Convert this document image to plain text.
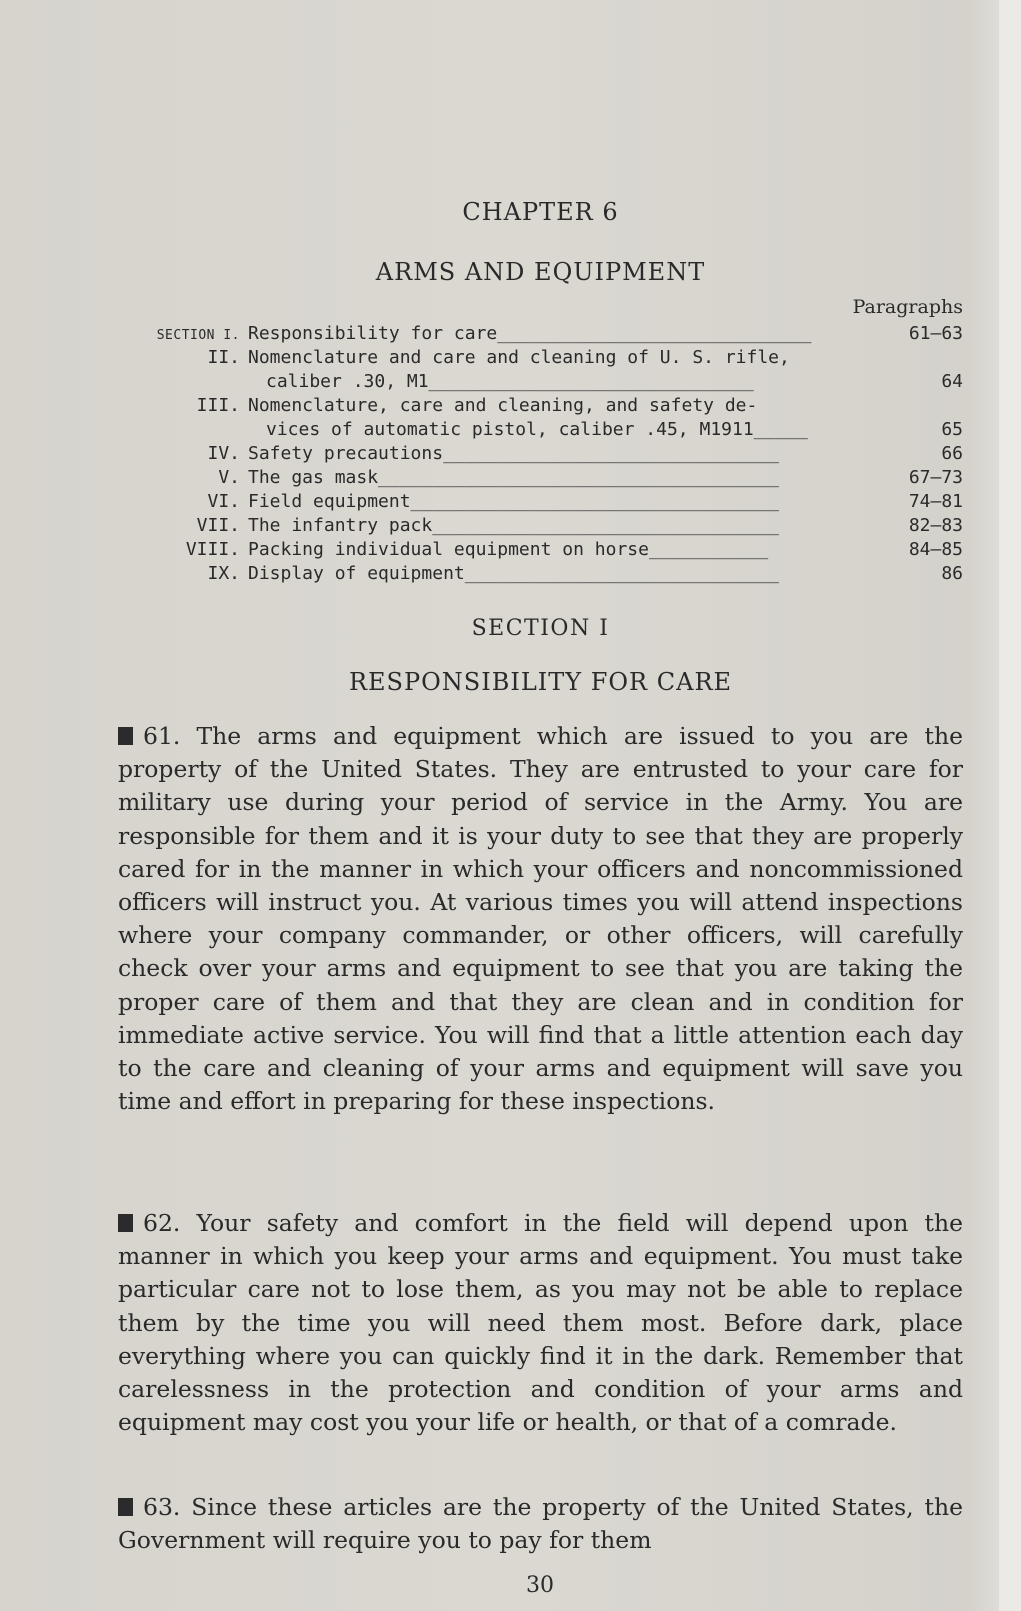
CHAPTER 6
ARMS AND EQUIPMENT
Paragraphs
SECTION I. Responsibility for care_____________________________	61–63
II. Nomenclature and care and cleaning of U. S. rifle,
caliber .30, M1______________________________	64
III. Nomenclature, care and cleaning, and safety de-
vices of automatic pistol, caliber .45, M1911_____	65
IV. Safety precautions_______________________________	66
V. The gas mask_____________________________________	67–73
VI. Field equipment__________________________________	74–81
VII. The infantry pack________________________________	82–83
VIII. Packing individual equipment on horse___________	84–85
IX. Display of equipment_____________________________	86
SECTION I
RESPONSIBILITY FOR CARE

61. The arms and equipment which are issued to you are the property of the United States. They are entrusted to your care for military use during your period of service in the Army. You are responsible for them and it is your duty to see that they are properly cared for in the manner in which your officers and noncommissioned officers will instruct you. At various times you will attend inspections where your company commander, or other officers, will carefully check over your arms and equipment to see that you are taking the proper care of them and that they are clean and in condition for immediate active service. You will find that a little attention each day to the care and cleaning of your arms and equipment will save you time and effort in preparing for these inspections.

62. Your safety and comfort in the field will depend upon the manner in which you keep your arms and equipment. You must take particular care not to lose them, as you may not be able to replace them by the time you will need them most. Before dark, place everything where you can quickly find it in the dark. Remember that carelessness in the protection and condition of your arms and equipment may cost you your life or health, or that of a comrade.

63. Since these articles are the property of the United States, the Government will require you to pay for them

30
